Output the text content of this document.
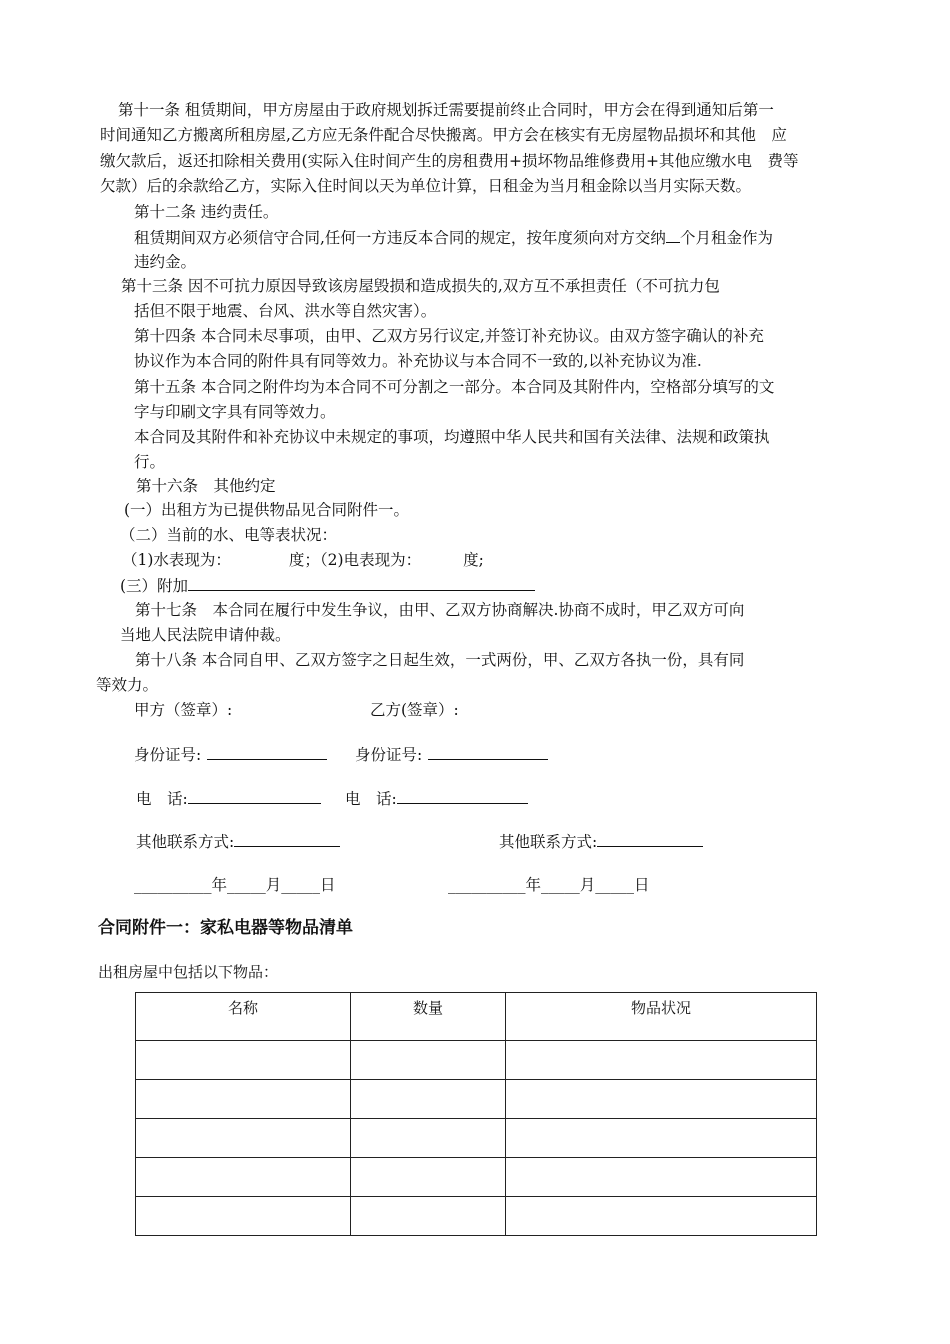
第十一条 租赁期间，甲方房屋由于政府规划拆迁需要提前终止合同时，甲方会在得到通知后第一
时间通知乙方搬离所租房屋,乙方应无条件配合尽快搬离。甲方会在核实有无房屋物品损坏和其他　应
缴欠款后，返还扣除相关费用(实际入住时间产生的房租费用+损坏物品维修费用+其他应缴水电　费等
欠款）后的余款给乙方，实际入住时间以天为单位计算，日租金为当月租金除以当月实际天数。
第十二条 违约责任。
租赁期间双方必须信守合同,任何一方违反本合同的规定，按年度须向对方交纳 个月租金作为
违约金。
第十三条 因不可抗力原因导致该房屋毁损和造成损失的,双方互不承担责任（不可抗力包
括但不限于地震、台风、洪水等自然灾害）。
第十四条 本合同未尽事项，由甲、乙双方另行议定,并签订补充协议。由双方签字确认的补充
协议作为本合同的附件具有同等效力。补充协议与本合同不一致的,以补充协议为准.
第十五条 本合同之附件均为本合同不可分割之一部分。本合同及其附件内，空格部分填写的文
字与印刷文字具有同等效力。
本合同及其附件和补充协议中未规定的事项，均遵照中华人民共和国有关法律、法规和政策执
行。
第十六条　其他约定
(一）出租方为已提供物品见合同附件一。
（二）当前的水、电等表状况：
（1)水表现为：	度；（2)电表现为：	度;
(三）附加
第十七条　本合同在履行中发生争议，由甲、乙双方协商解决.协商不成时，甲乙双方可向
当地人民法院申请仲裁。
第十八条 本合同自甲、乙双方签字之日起生效，一式两份，甲、乙双方各执一份，具有同
等效力。
甲方（签章）:	乙方(签章）:
身份证号:	身份证号:
电　话:	电　话:
其他联系方式:	其他联系方式:
__________年_____月_____日	__________年_____月_____日
合同附件一：家私电器等物品清单
出租房屋中包括以下物品：
名称	数量	物品状况
